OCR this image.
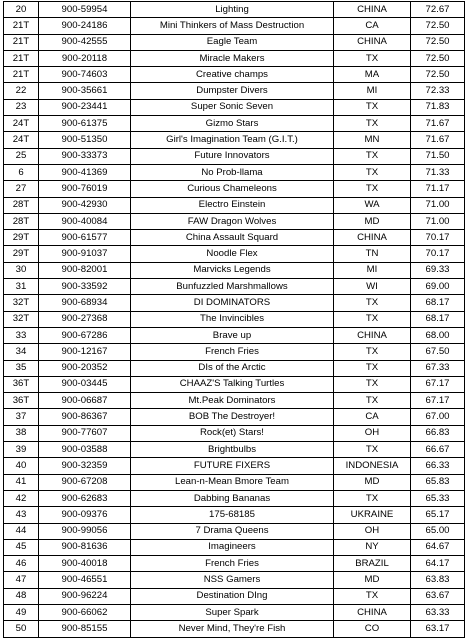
20	900-59954	Lighting	CHINA	72.67
21T	900-24186	Mini Thinkers of Mass Destruction	CA	72.50
21T	900-42555	Eagle Team	CHINA	72.50
21T	900-20118	Miracle Makers	TX	72.50
21T	900-74603	Creative champs	MA	72.50
22	900-35661	Dumpster Divers	MI	72.33
23	900-23441	Super Sonic Seven	TX	71.83
24T	900-61375	Gizmo Stars	TX	71.67
24T	900-51350	Girl's Imagination Team (G.I.T.)	MN	71.67
25	900-33373	Future Innovators	TX	71.50
6	900-41369	No Prob-llama	TX	71.33
27	900-76019	Curious Chameleons	TX	71.17
28T	900-42930	Electro Einstein	WA	71.00
28T	900-40084	FAW Dragon Wolves	MD	71.00
29T	900-61577	China Assault Squard	CHINA	70.17
29T	900-91037	Noodle Flex	TN	70.17
30	900-82001	Marvicks Legends	MI	69.33
31	900-33592	Bunfuzzled Marshmallows	WI	69.00
32T	900-68934	DI DOMINATORS	TX	68.17
32T	900-27368	The Invincibles	TX	68.17
33	900-67286	Brave up	CHINA	68.00
34	900-12167	French Fries	TX	67.50
35	900-20352	DIs of the Arctic	TX	67.33
36T	900-03445	CHAAZ'S Talking Turtles	TX	67.17
36T	900-06687	Mt.Peak Dominators	TX	67.17
37	900-86367	BOB The Destroyer!	CA	67.00
38	900-77607	Rock(et) Stars!	OH	66.83
39	900-03588	Brightbulbs	TX	66.67
40	900-32359	FUTURE FIXERS	INDONESIA	66.33
41	900-67208	Lean-n-Mean Bmore Team	MD	65.83
42	900-62683	Dabbing Bananas	TX	65.33
43	900-09376	175-68185	UKRAINE	65.17
44	900-99056	7 Drama Queens	OH	65.00
45	900-81636	Imagineers	NY	64.67
46	900-40018	French Fries	BRAZIL	64.17
47	900-46551	NSS Gamers	MD	63.83
48	900-96224	Destination DIng	TX	63.67
49	900-66062	Super Spark	CHINA	63.33
50	900-85155	Never Mind, They're Fish	CO	63.17
